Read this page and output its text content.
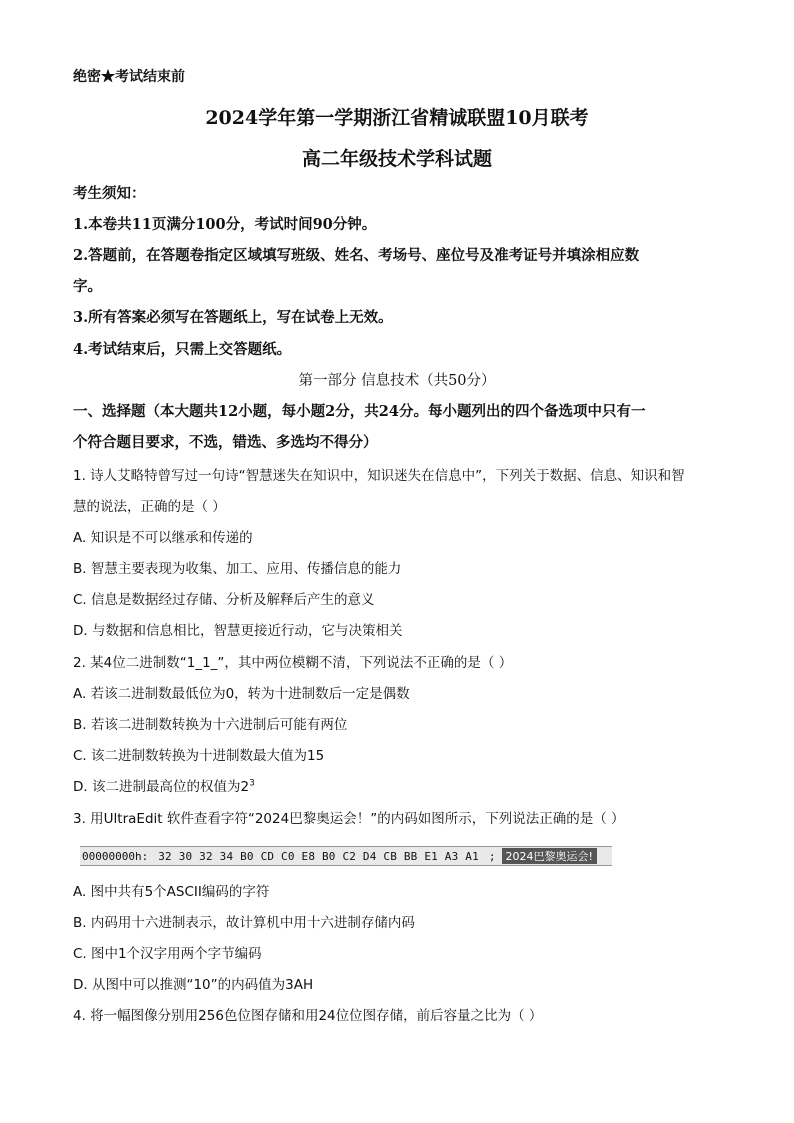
绝密★考试结束前
2024学年第一学期浙江省精诚联盟10月联考
高二年级技术学科试题
考生须知：
1.本卷共11页满分100分，考试时间90分钟。
2.答题前，在答题卷指定区域填写班级、姓名、考场号、座位号及准考证号并填涂相应数
字。
3.所有答案必须写在答题纸上，写在试卷上无效。
4.考试结束后，只需上交答题纸。
第一部分 信息技术（共50分）
一、选择题（本大题共12小题，每小题2分，共24分。每小题列出的四个备选项中只有一
个符合题目要求，不选，错选、多选均不得分）
1. 诗人艾略特曾写过一句诗“智慧迷失在知识中，知识迷失在信息中”，下列关于数据、信息、知识和智
慧的说法，正确的是（ ）
A. 知识是不可以继承和传递的
B. 智慧主要表现为收集、加工、应用、传播信息的能力
C. 信息是数据经过存储、分析及解释后产生的意义
D. 与数据和信息相比，智慧更接近行动，它与决策相关
2. 某4位二进制数“1_1_”，其中两位模糊不清，下列说法不正确的是（ ）
A. 若该二进制数最低位为0，转为十进制数后一定是偶数
B. 若该二进制数转换为十六进制后可能有两位
C. 该二进制数转换为十进制数最大值为15
D. 该二进制最高位的权值为$2^3$
3. 用UltraEdit 软件查看字符“2024巴黎奥运会！”的内码如图所示，下列说法正确的是（ ）
00000000h: 32 30 32 34 B0 CD C0 E8 B0 C2 D4 CB BB E1 A3 A1 ; 2024巴黎奥运会!
A. 图中共有5个ASCII编码的字符
B. 内码用十六进制表示，故计算机中用十六进制存储内码
C. 图中1个汉字用两个字节编码
D. 从图中可以推测“10”的内码值为3AH
4. 将一幅图像分别用256色位图存储和用24位位图存储，前后容量之比为（ ）
